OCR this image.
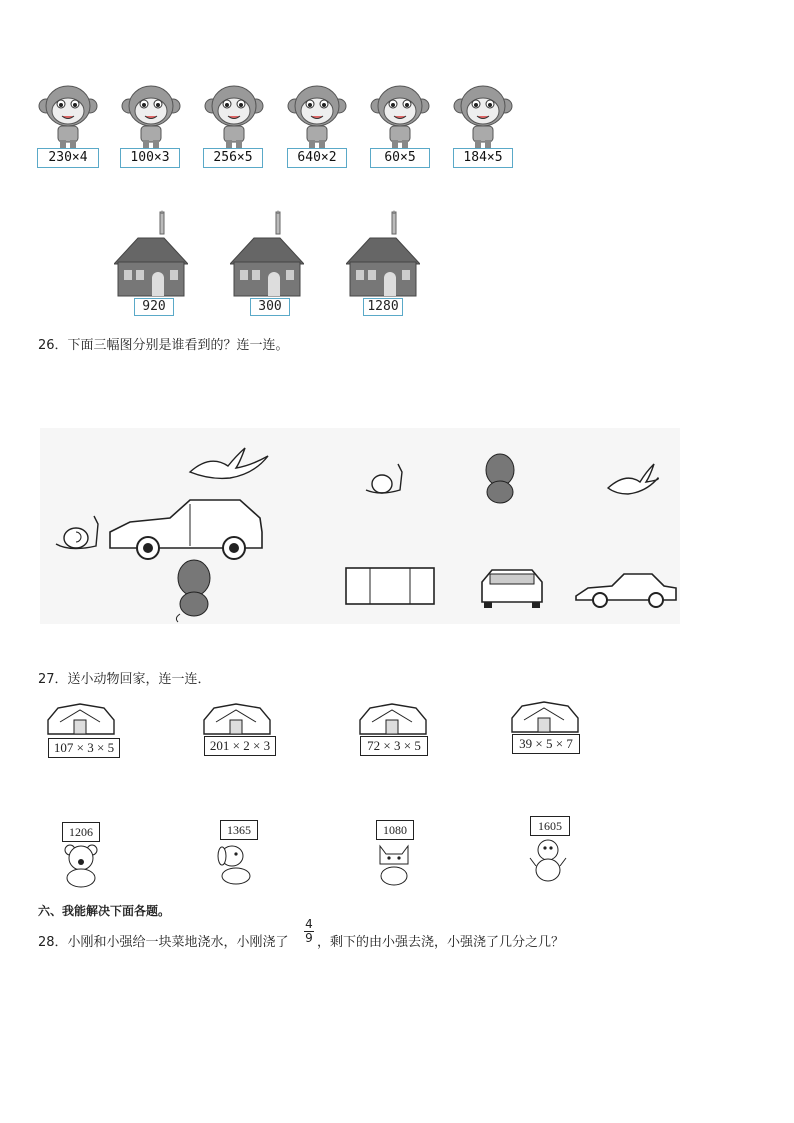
230×4	100×3	256×5	640×2	60×5	184×5
920	300	1280
26．下面三幅图分别是谁看到的？连一连。
27．送小动物回家，连一连．
107 × 3 × 5	201 × 2 × 3	72 × 3 × 5	39 × 5 × 7
1206	1365	1080	1605
六、我能解决下面各题。
28．小刚和小强给一块菜地浇水，小刚浇了
4
9 ，剩下的由小强去浇，小强浇了几分之几？
